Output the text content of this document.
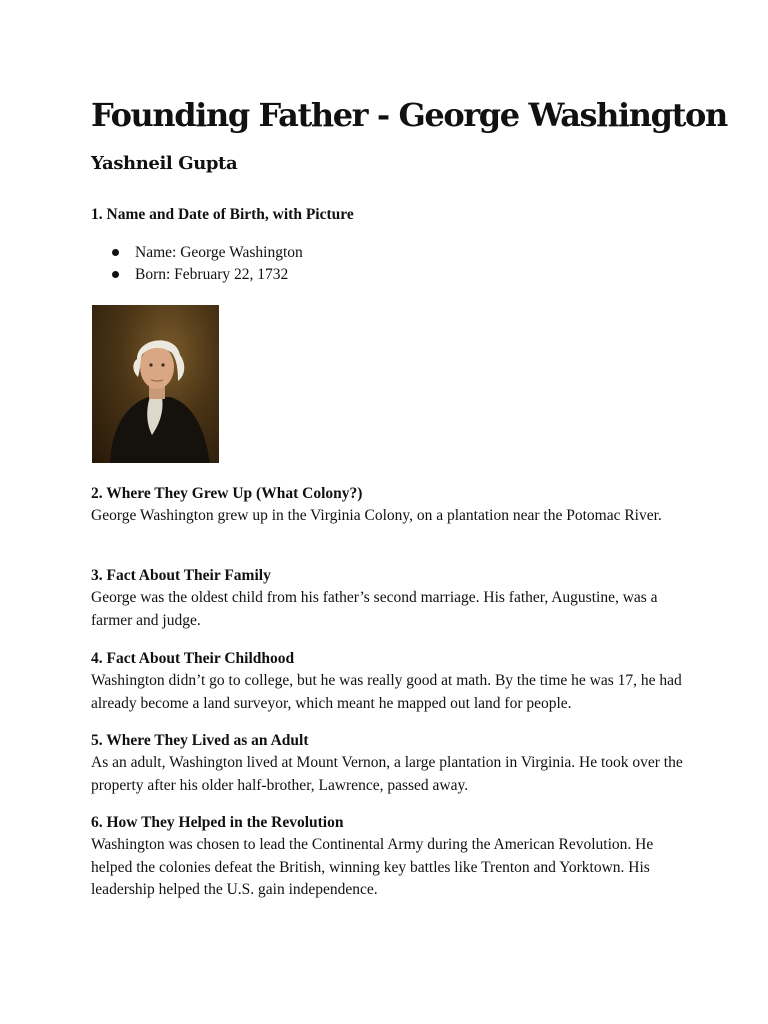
Founding Father - George Washington
Yashneil Gupta

1. Name and Date of Birth, with Picture

Name: George Washington
Born: February 22, 1732

2. Where They Grew Up (What Colony?)

George Washington grew up in the Virginia Colony, on a plantation near the Potomac River.

3. Fact About Their Family

George was the oldest child from his father’s second marriage. His father, Augustine, was a farmer and judge.

4. Fact About Their Childhood

Washington didn’t go to college, but he was really good at math. By the time he was 17, he had already become a land surveyor, which meant he mapped out land for people.

5. Where They Lived as an Adult

As an adult, Washington lived at Mount Vernon, a large plantation in Virginia. He took over the property after his older half-brother, Lawrence, passed away.

6. How They Helped in the Revolution

Washington was chosen to lead the Continental Army during the American Revolution. He helped the colonies defeat the British, winning key battles like Trenton and Yorktown. His leadership helped the U.S. gain independence.
